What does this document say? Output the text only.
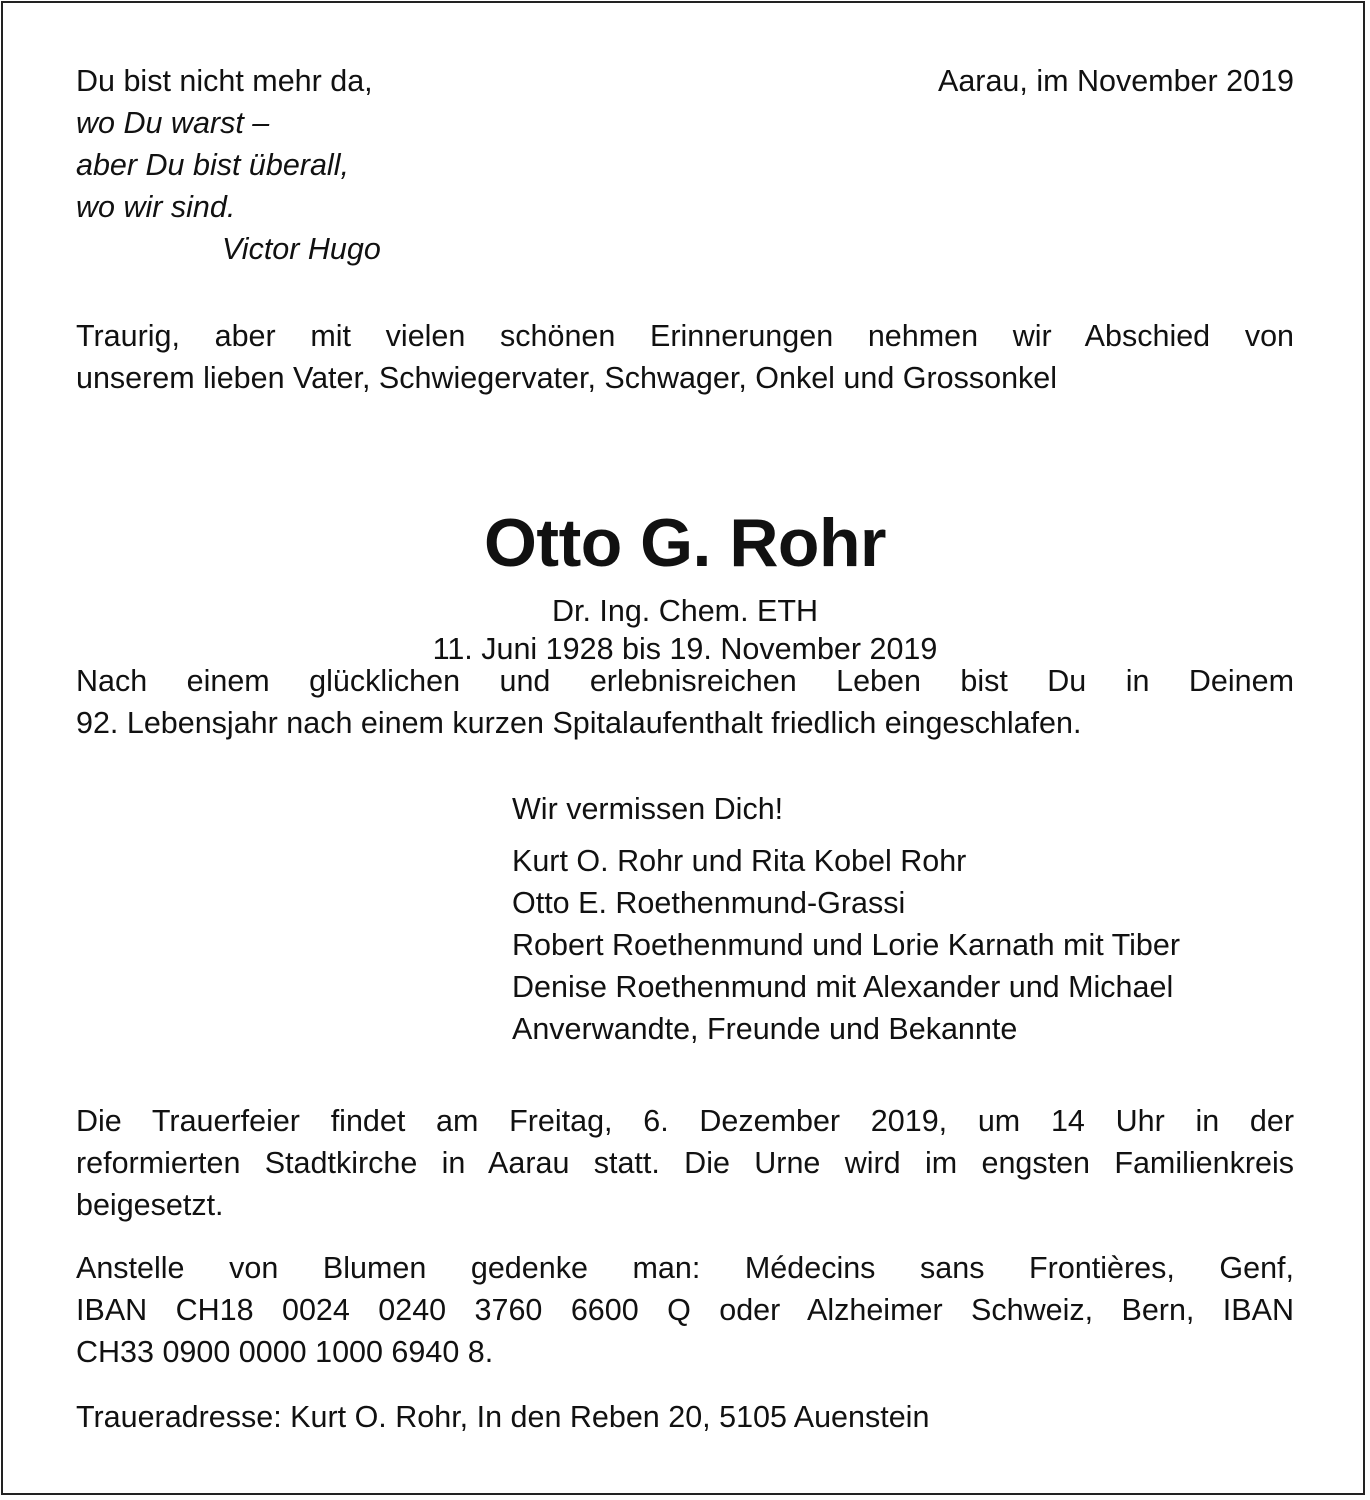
Du bist nicht mehr da,
wo Du warst –
aber Du bist überall,
wo wir sind.
Victor Hugo
Aarau, im November 2019
Traurig, aber mit vielen schönen Erinnerungen nehmen wir Abschied von
unserem lieben Vater, Schwiegervater, Schwager, Onkel und Grossonkel
Otto G. Rohr
Dr. Ing. Chem. ETH
11. Juni 1928 bis 19. November 2019
Nach einem glücklichen und erlebnisreichen Leben bist Du in Deinem
92. Lebensjahr nach einem kurzen Spitalaufenthalt friedlich eingeschlafen.
Wir vermissen Dich!
Kurt O. Rohr und Rita Kobel Rohr
Otto E. Roethenmund-Grassi
Robert Roethenmund und Lorie Karnath mit Tiber
Denise Roethenmund mit Alexander und Michael
Anverwandte, Freunde und Bekannte
Die Trauerfeier findet am Freitag, 6. Dezember 2019, um 14 Uhr in der
reformierten Stadtkirche in Aarau statt. Die Urne wird im engsten Familienkreis
beigesetzt.
Anstelle von Blumen gedenke man: Médecins sans Frontières, Genf,
IBAN CH18 0024 0240 3760 6600 Q oder Alzheimer Schweiz, Bern, IBAN
CH33 0900 0000 1000 6940 8.
Traueradresse: Kurt O. Rohr, In den Reben 20, 5105 Auenstein
